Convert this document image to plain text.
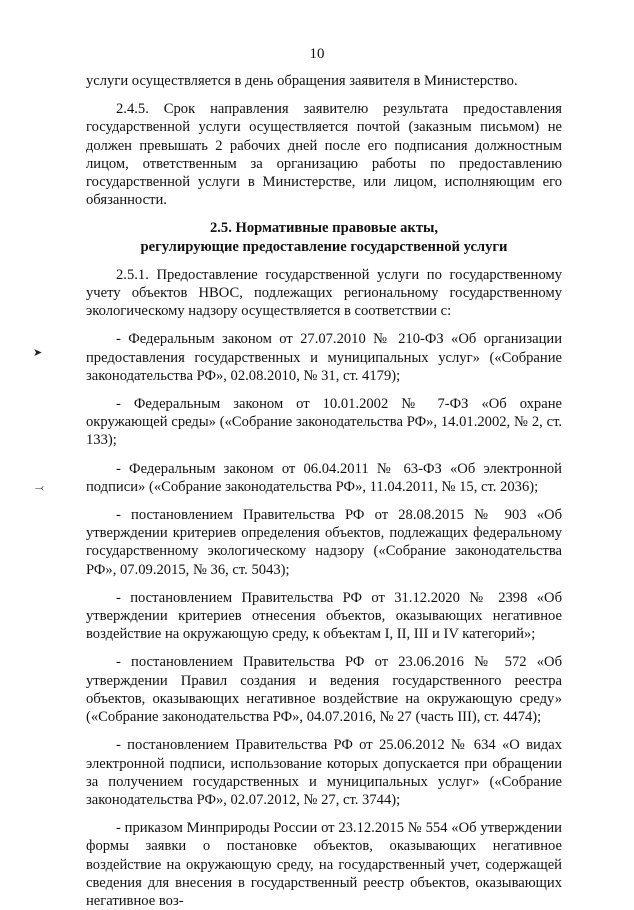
10
➤
⤙

услуги осуществляется в день обращения заявителя в Министерство.

2.4.5. Срок направления заявителю результата предоставления государственной услуги осуществляется почтой (заказным письмом) не должен превышать 2 рабочих дней после его подписания должностным лицом, ответственным за организацию работы по предоставлению государственной услуги в Министерстве, или лицом, исполняющим его обязанности.

2.5. Нормативные правовые акты,
регулирующие предоставление государственной услуги

2.5.1. Предоставление государственной услуги по государственному учету объектов НВОС, подлежащих региональному государственному экологическому надзору осуществляется в соответствии с:

- Федеральным законом от 27.07.2010 № 210-ФЗ «Об организации предоставления государственных и муниципальных услуг» («Собрание законодательства РФ», 02.08.2010, № 31, ст. 4179);

- Федеральным законом от 10.01.2002 № 7-ФЗ «Об охране окружающей среды» («Собрание законодательства РФ», 14.01.2002, № 2, ст. 133);

- Федеральным законом от 06.04.2011 № 63-ФЗ «Об электронной подписи» («Собрание законодательства РФ», 11.04.2011, № 15, ст. 2036);

- постановлением Правительства РФ от 28.08.2015 № 903 «Об утверждении критериев определения объектов, подлежащих федеральному государственному экологическому надзору («Собрание законодательства РФ», 07.09.2015, № 36, ст. 5043);

- постановлением Правительства РФ от 31.12.2020 № 2398 «Об утверждении критериев отнесения объектов, оказывающих негативное воздействие на окружающую среду, к объектам I, II, III и IV категорий»;

- постановлением Правительства РФ от 23.06.2016 № 572 «Об утверждении Правил создания и ведения государственного реестра объектов, оказывающих негативное воздействие на окружающую среду» («Собрание законодательства РФ», 04.07.2016, № 27 (часть III), ст. 4474);

- постановлением Правительства РФ от 25.06.2012 № 634 «О видах электронной подписи, использование которых допускается при обращении за получением государственных и муниципальных услуг» («Собрание законодательства РФ», 02.07.2012, № 27, ст. 3744);

- приказом Минприроды России от 23.12.2015 № 554 «Об утверждении формы заявки о постановке объектов, оказывающих негативное воздействие на окружающую среду, на государственный учет, содержащей сведения для внесения в государственный реестр объектов, оказывающих негативное воз-
